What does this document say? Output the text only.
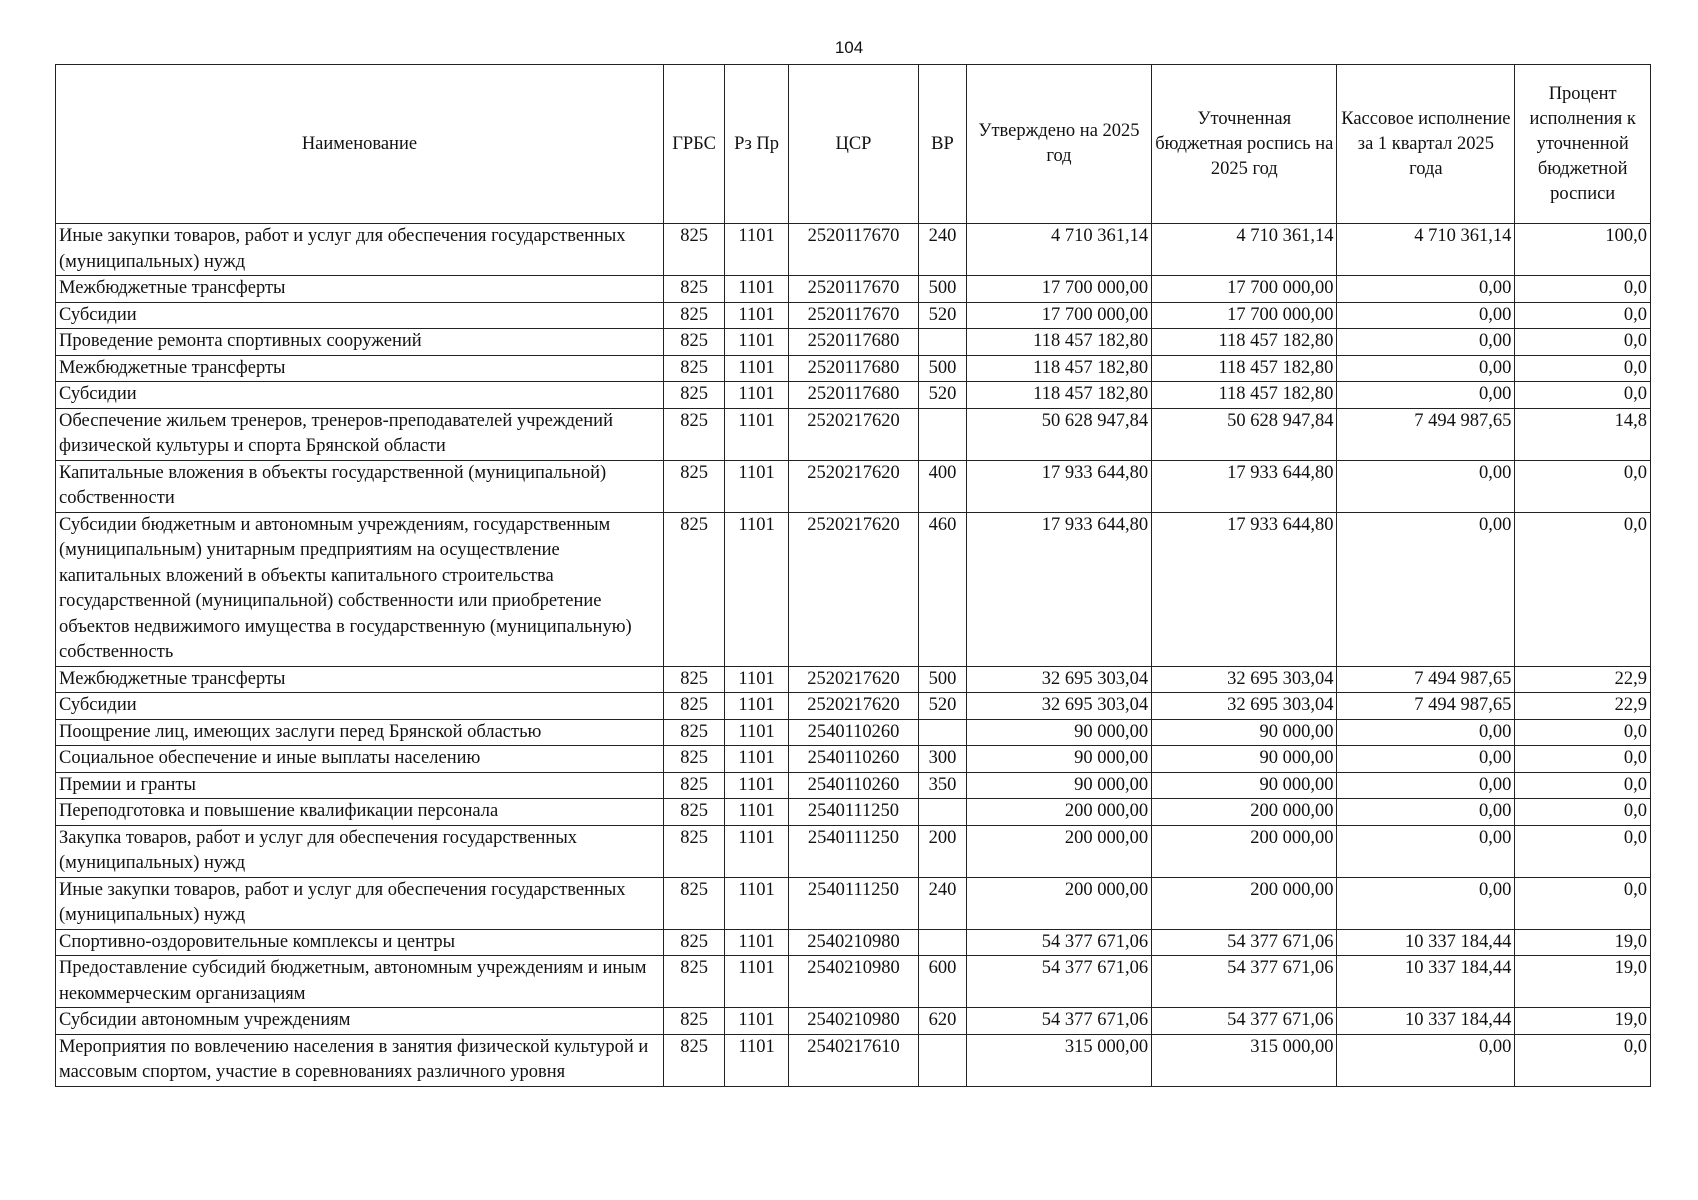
104
Наименование	ГРБС	Рз Пр	ЦСР	ВР	Утверждено на 2025 год	Уточненная бюджетная роспись на 2025 год	Кассовое исполнение за 1 квартал 2025 года	Процент исполнения к уточненной бюджетной росписи
Иные закупки товаров, работ и услуг для обеспечения государственных (муниципальных) нужд	825	1101	2520117670	240	4 710 361,14	4 710 361,14	4 710 361,14	100,0
Межбюджетные трансферты	825	1101	2520117670	500	17 700 000,00	17 700 000,00	0,00	0,0
Субсидии	825	1101	2520117670	520	17 700 000,00	17 700 000,00	0,00	0,0
Проведение ремонта спортивных сооружений	825	1101	2520117680		118 457 182,80	118 457 182,80	0,00	0,0
Межбюджетные трансферты	825	1101	2520117680	500	118 457 182,80	118 457 182,80	0,00	0,0
Субсидии	825	1101	2520117680	520	118 457 182,80	118 457 182,80	0,00	0,0
Обеспечение жильем тренеров, тренеров-преподавателей учреждений физической культуры и спорта Брянской области	825	1101	2520217620		50 628 947,84	50 628 947,84	7 494 987,65	14,8
Капитальные вложения в объекты государственной (муниципальной) собственности	825	1101	2520217620	400	17 933 644,80	17 933 644,80	0,00	0,0
Субсидии бюджетным и автономным учреждениям, государственным (муниципальным) унитарным предприятиям на осуществление капитальных вложений в объекты капитального строительства государственной (муниципальной) собственности или приобретение объектов недвижимого имущества в государственную (муниципальную) собственность	825	1101	2520217620	460	17 933 644,80	17 933 644,80	0,00	0,0
Межбюджетные трансферты	825	1101	2520217620	500	32 695 303,04	32 695 303,04	7 494 987,65	22,9
Субсидии	825	1101	2520217620	520	32 695 303,04	32 695 303,04	7 494 987,65	22,9
Поощрение лиц, имеющих заслуги перед Брянской областью	825	1101	2540110260		90 000,00	90 000,00	0,00	0,0
Социальное обеспечение и иные выплаты населению	825	1101	2540110260	300	90 000,00	90 000,00	0,00	0,0
Премии и гранты	825	1101	2540110260	350	90 000,00	90 000,00	0,00	0,0
Переподготовка и повышение квалификации персонала	825	1101	2540111250		200 000,00	200 000,00	0,00	0,0
Закупка товаров, работ и услуг для обеспечения государственных (муниципальных) нужд	825	1101	2540111250	200	200 000,00	200 000,00	0,00	0,0
Иные закупки товаров, работ и услуг для обеспечения государственных (муниципальных) нужд	825	1101	2540111250	240	200 000,00	200 000,00	0,00	0,0
Спортивно-оздоровительные комплексы и центры	825	1101	2540210980		54 377 671,06	54 377 671,06	10 337 184,44	19,0
Предоставление субсидий бюджетным, автономным учреждениям и иным некоммерческим организациям	825	1101	2540210980	600	54 377 671,06	54 377 671,06	10 337 184,44	19,0
Субсидии автономным учреждениям	825	1101	2540210980	620	54 377 671,06	54 377 671,06	10 337 184,44	19,0
Мероприятия по вовлечению населения в занятия физической культурой и массовым спортом, участие в соревнованиях различного уровня	825	1101	2540217610		315 000,00	315 000,00	0,00	0,0
